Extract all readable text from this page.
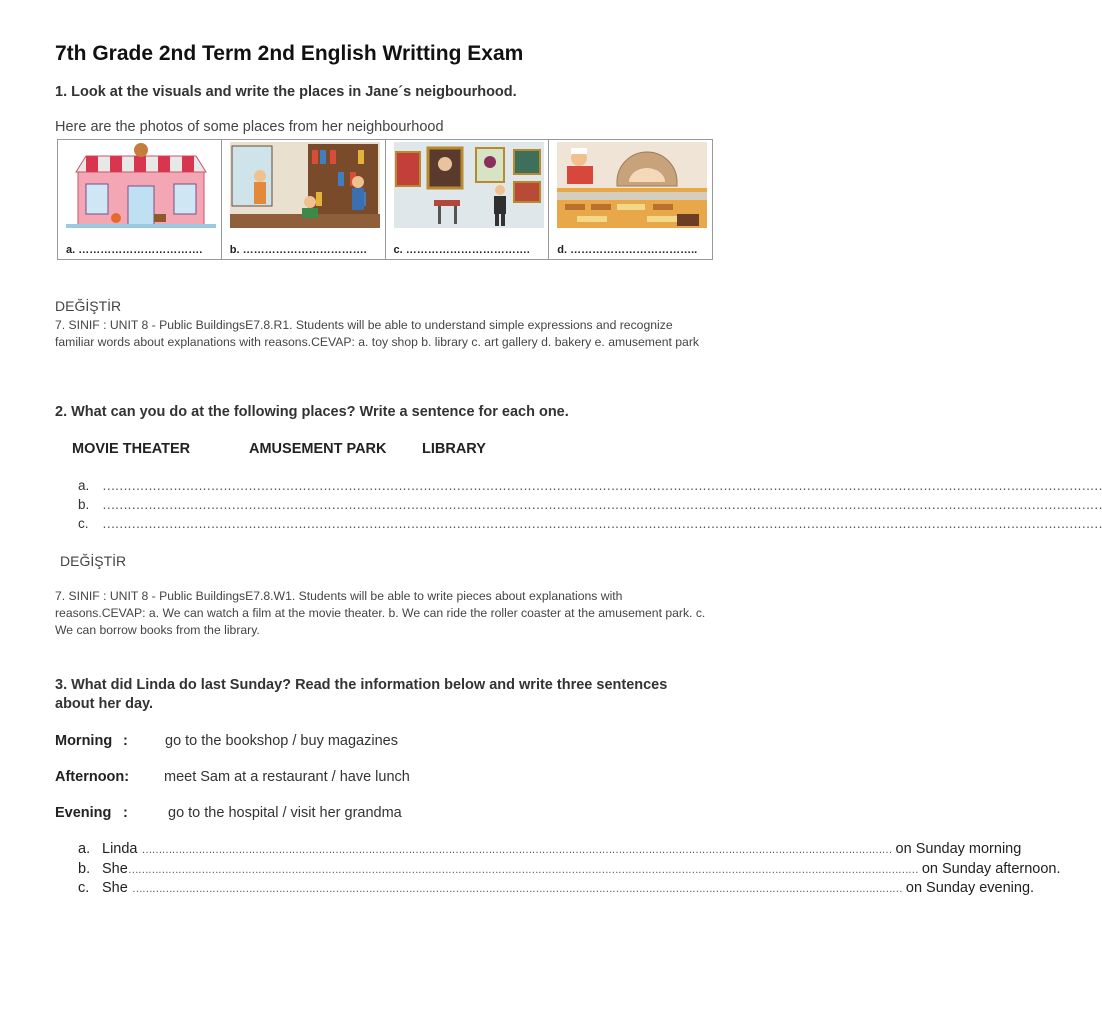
7th Grade 2nd Term 2nd English Writting Exam
1. Look at the visuals and write the places in Jane´s neigbourhood.
Here are the photos of some places from her neighbourhood
a. ……………………………. b. ……………………………. c. ……………………………. d. ……………………………..
DEĞİŞTİR
7. SINIF : UNIT 8 - Public BuildingsE7.8.R1. Students will be able to understand simple expressions and recognize familiar words about explanations with reasons.CEVAP: a. toy shop b. library c. art gallery d. bakery e. amusement park
2. What can you do at the following places? Write a sentence for each one.
MOVIE THEATER	AMUSEMENT PARK LIBRARY
a. ……………………………………………………………………………………………………………………………………………………………………………………………………………………
b. ……………………………………………………………………………………………………………………………………………………………………………………………………………………
c. ……………………………………………………………………………………………………………………………………………………………………………………………………………………
DEĞİŞTİR
7. SINIF : UNIT 8 - Public BuildingsE7.8.W1. Students will be able to write pieces about explanations with reasons.CEVAP: a. We can watch a film at the movie theater. b. We can ride the roller coaster at the amusement park. c. We can borrow books from the library.
3. What did Linda do last Sunday? Read the information below and write three sentences
about her day.
Morning :	go to the bookshop / buy magazines
Afternoon: meet Sam at a restaurant / have lunch
Evening :	go to the hospital / visit her grandma
a. Linda ……………………………………………………………………………………………………………………………………………………………………………………………………… on Sunday morning
b. She………………………………………………………………………………………………………………………………………………………………………………………………………………… on Sunday afternoon.
c. She …………………………………………………………………………………………………………………………………………………………………………………………………………… on Sunday evening.
